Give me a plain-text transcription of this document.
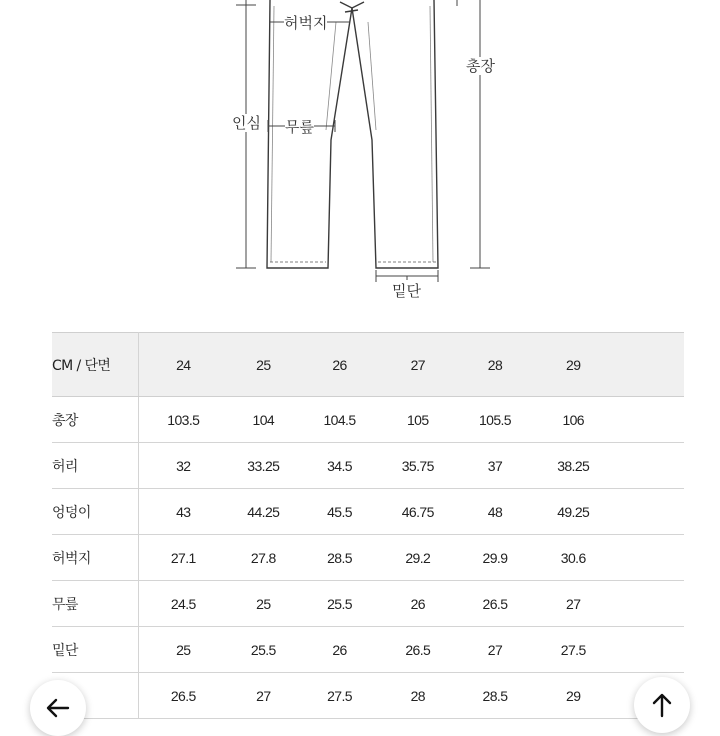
허벅지
총장
인심 무릎
밑단
CM / 단면	24	25	26	27	28	29	
총장	103.5	104	104.5	105	105.5	106	
허리	32	33.25	34.5	35.75	37	38.25	
엉덩이	43	44.25	45.5	46.75	48	49.25	
허벅지	27.1	27.8	28.5	29.2	29.9	30.6	
무릎	24.5	25	25.5	26	26.5	27	
밑단	25	25.5	26	26.5	27	27.5	
	26.5	27	27.5	28	28.5	29	
